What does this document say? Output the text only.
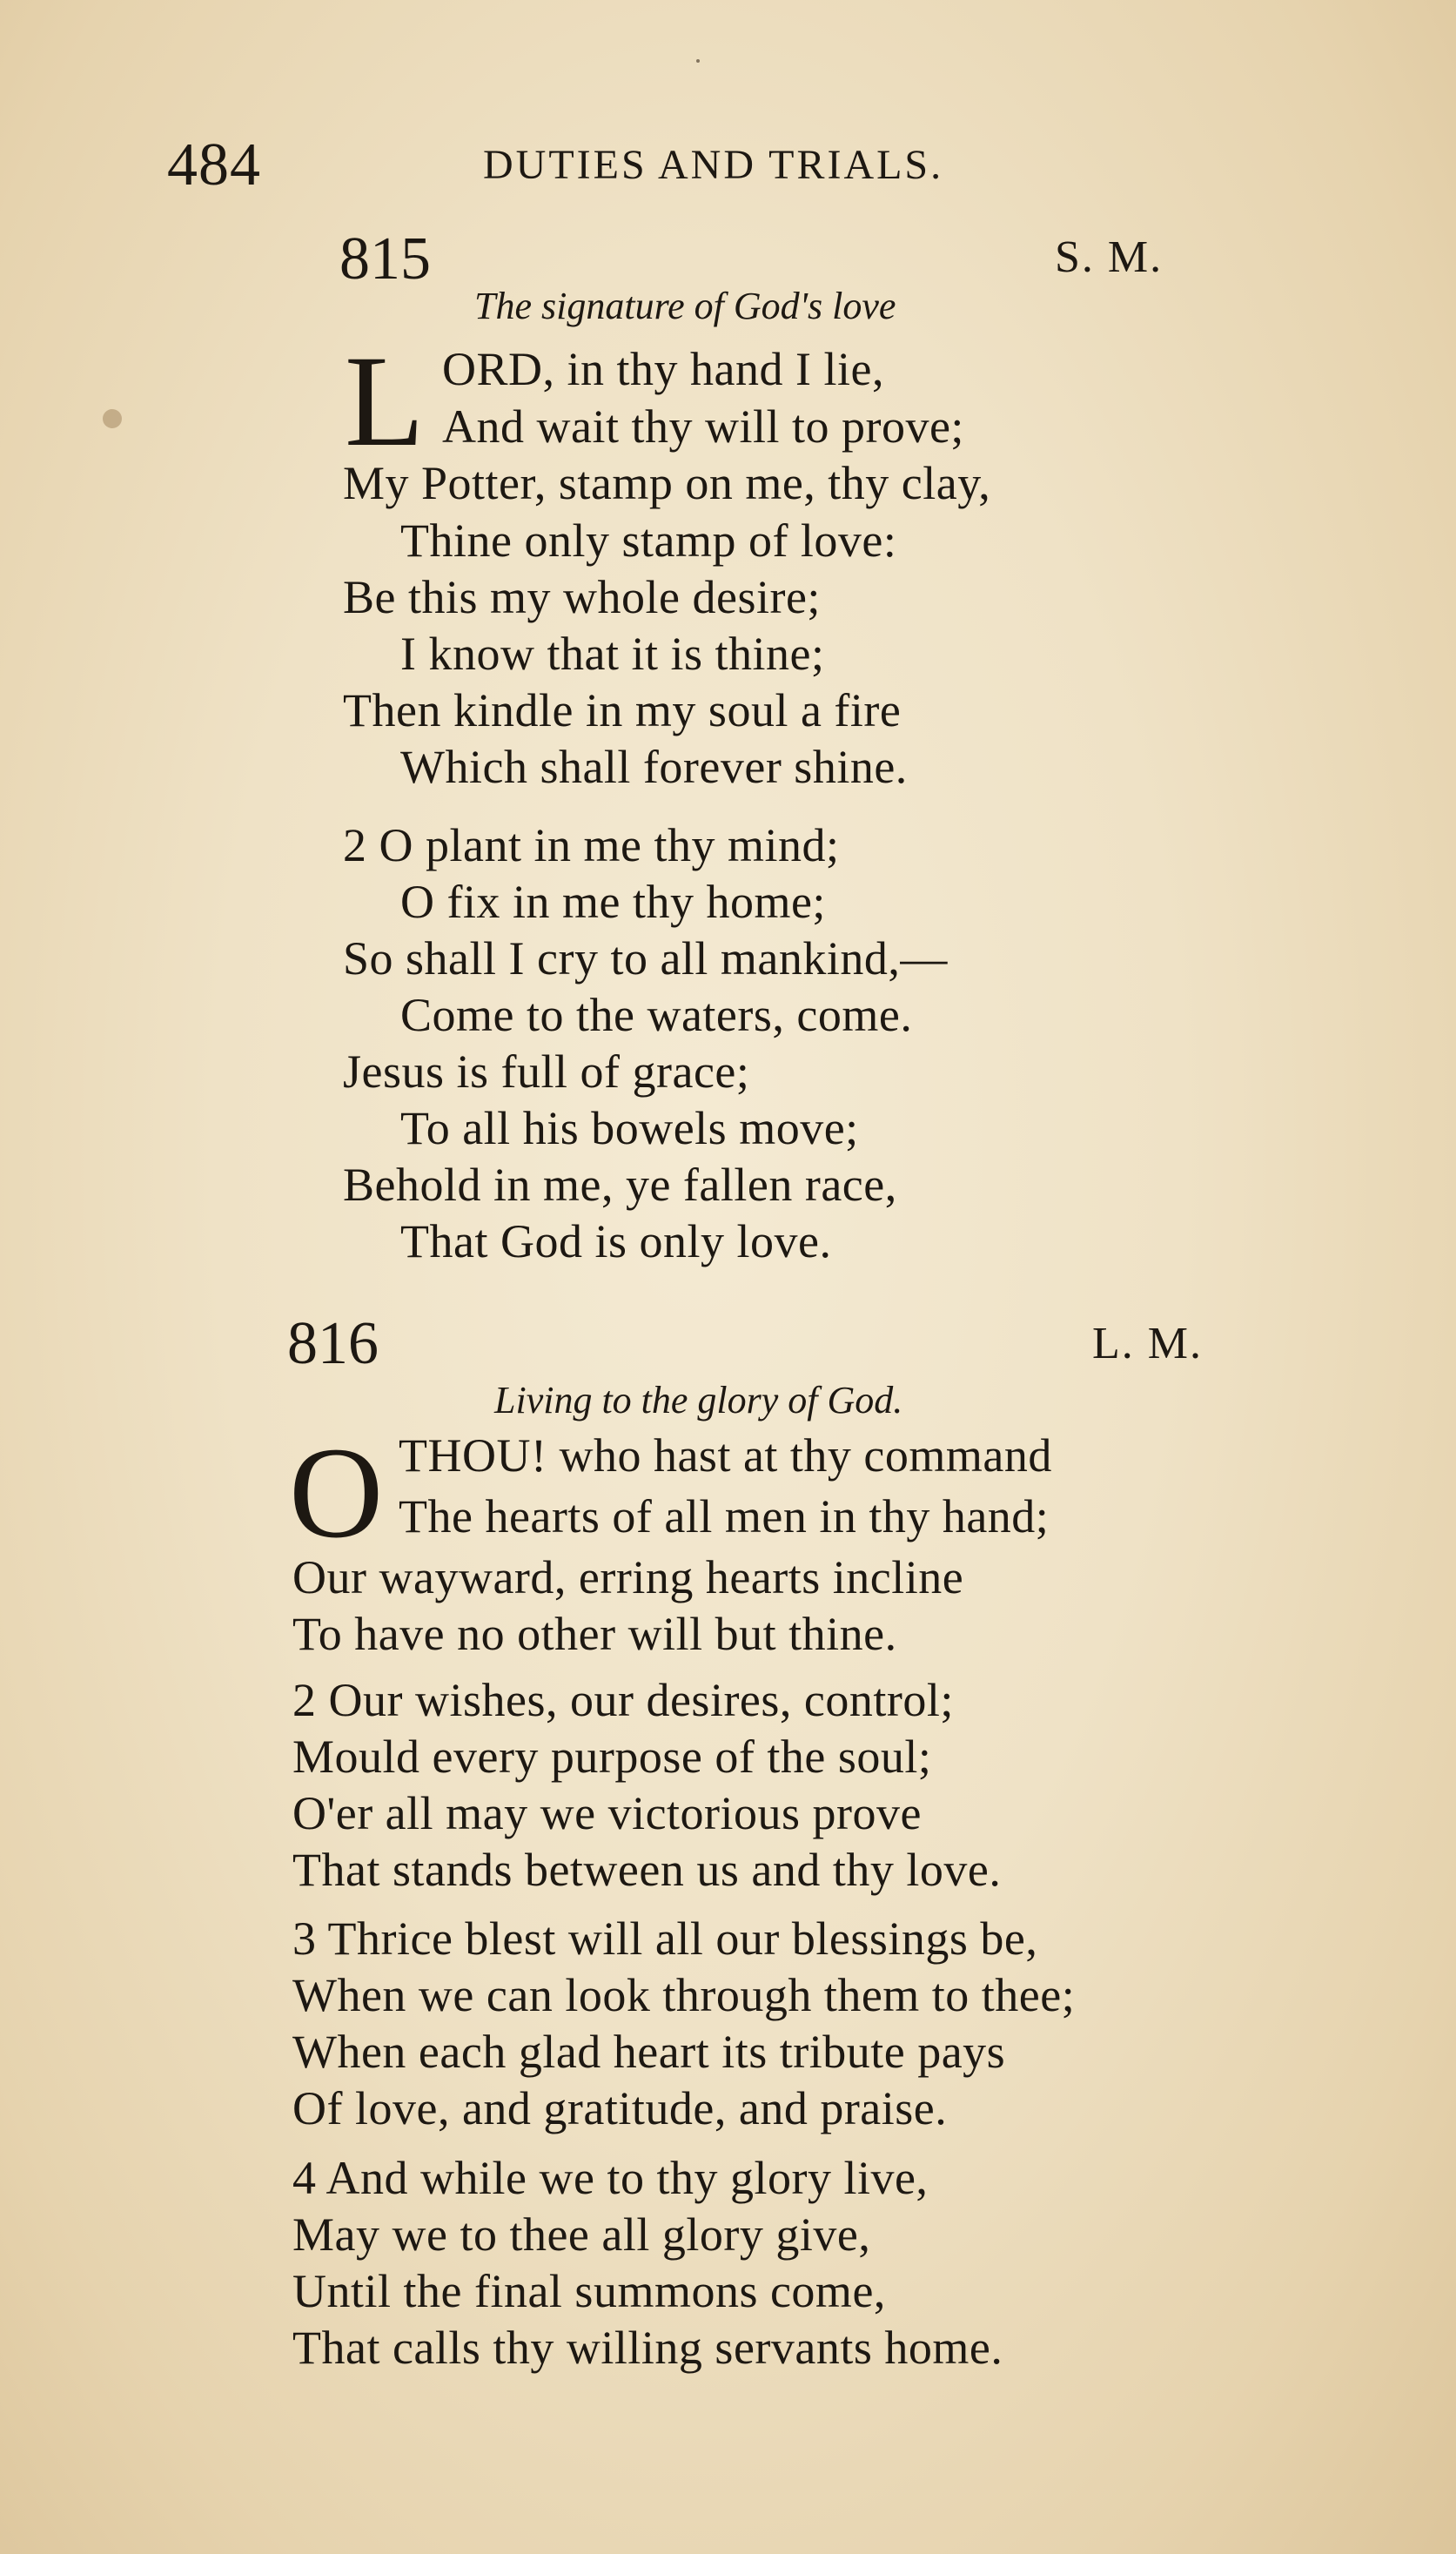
484	DUTIES AND TRIALS.
815	S. M.
The signature of God's love
L ORD, in thy hand I lie,
And wait thy will to prove;
My Potter, stamp on me, thy clay,
Thine only stamp of love:
Be this my whole desire;
I know that it is thine;
Then kindle in my soul a fire
Which shall forever shine.
2 O plant in me thy mind;
O fix in me thy home;
So shall I cry to all mankind,—
Come to the waters, come.
Jesus is full of grace;
To all his bowels move;
Behold in me, ye fallen race,
That God is only love.
816	L. M.
Living to the glory of God.
O THOU! who hast at thy command
The hearts of all men in thy hand;
Our wayward, erring hearts incline
To have no other will but thine.
2 Our wishes, our desires, control;
Mould every purpose of the soul;
O'er all may we victorious prove
That stands between us and thy love.
3 Thrice blest will all our blessings be,
When we can look through them to thee;
When each glad heart its tribute pays
Of love, and gratitude, and praise.
4 And while we to thy glory live,
May we to thee all glory give,
Until the final summons come,
That calls thy willing servants home.
